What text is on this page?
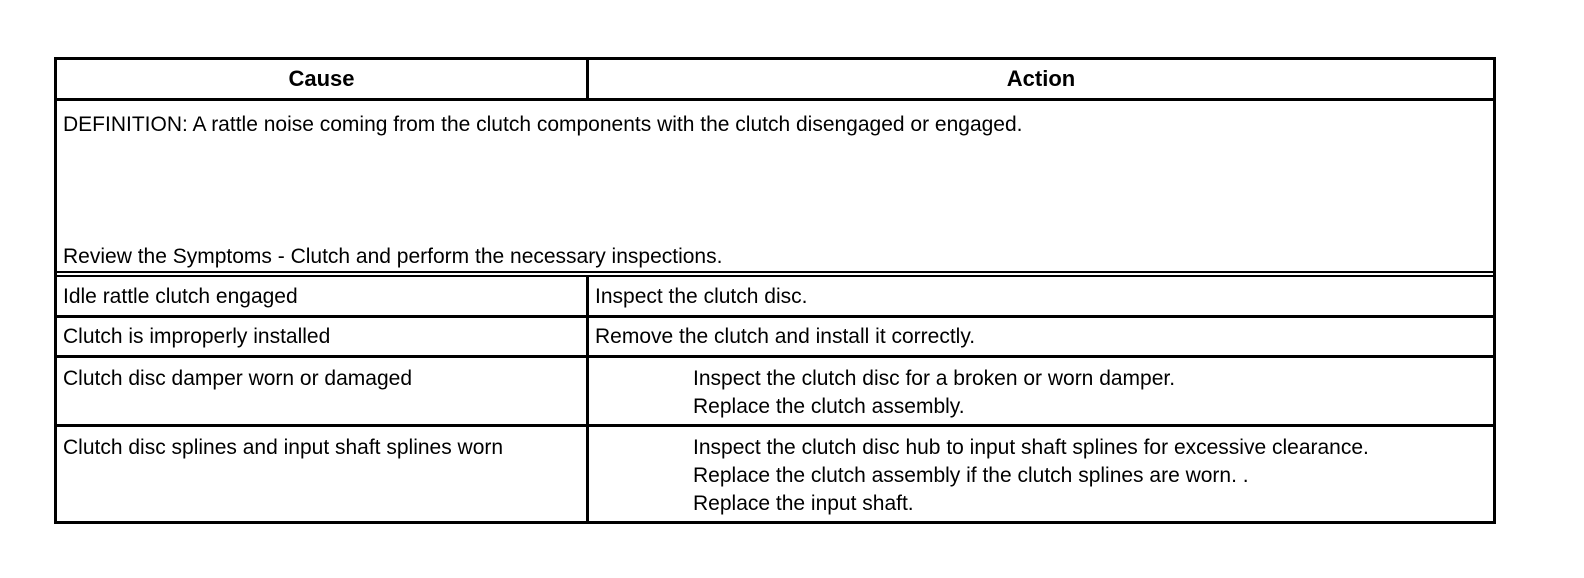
Cause	Action
DEFINITION: A rattle noise coming from the clutch components with the clutch disengaged or engaged.
Review the Symptoms - Clutch and perform the necessary inspections.
Idle rattle clutch engaged	Inspect the clutch disc.
Clutch is improperly installed	Remove the clutch and install it correctly.
Clutch disc damper worn or damaged	Inspect the clutch disc for a broken or worn damper.
Replace the clutch assembly.
Clutch disc splines and input shaft splines worn	Inspect the clutch disc hub to input shaft splines for excessive clearance.
Replace the clutch assembly if the clutch splines are worn. .
Replace the input shaft.
